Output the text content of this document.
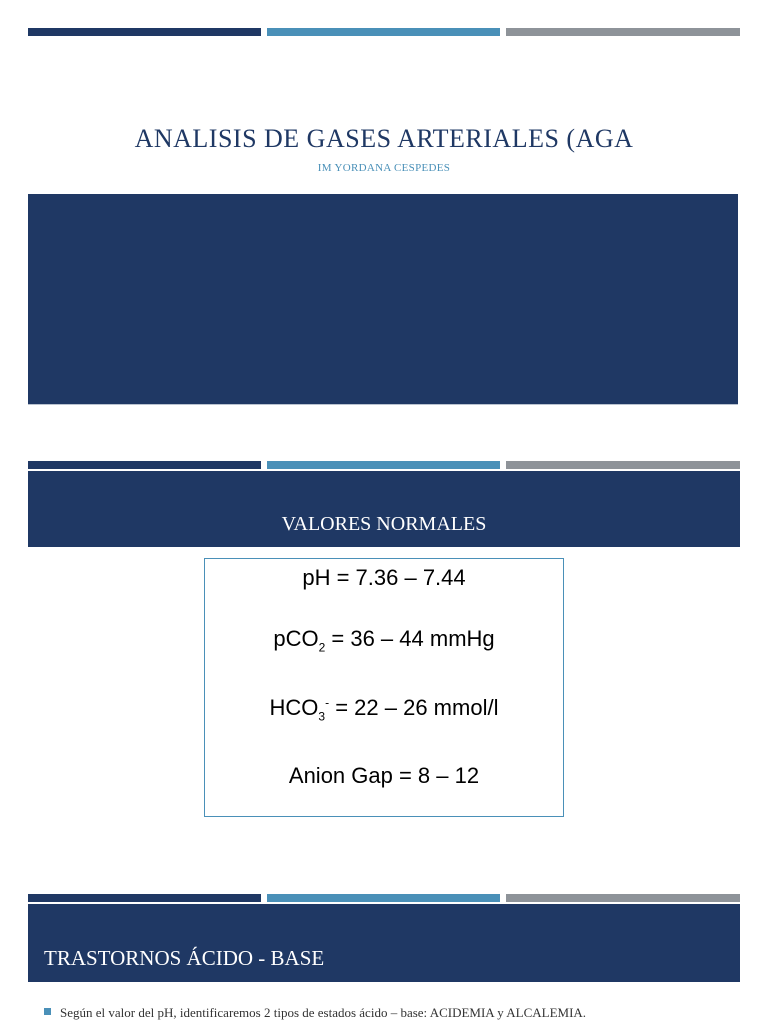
ANALISIS DE GASES ARTERIALES (AGA
IM YORDANA CESPEDES
VALORES NORMALES
pH = 7.36 – 7.44
pCO$_2$ = 36 – 44 mmHg
$HCO_3^- = 22 - 26$ mmol/l
Anion Gap = 8 – 12
TRASTORNOS ÁCIDO - BASE
Según el valor del pH, identificaremos 2 tipos de estados ácido – base: ACIDEMIA y ALCALEMIA.
